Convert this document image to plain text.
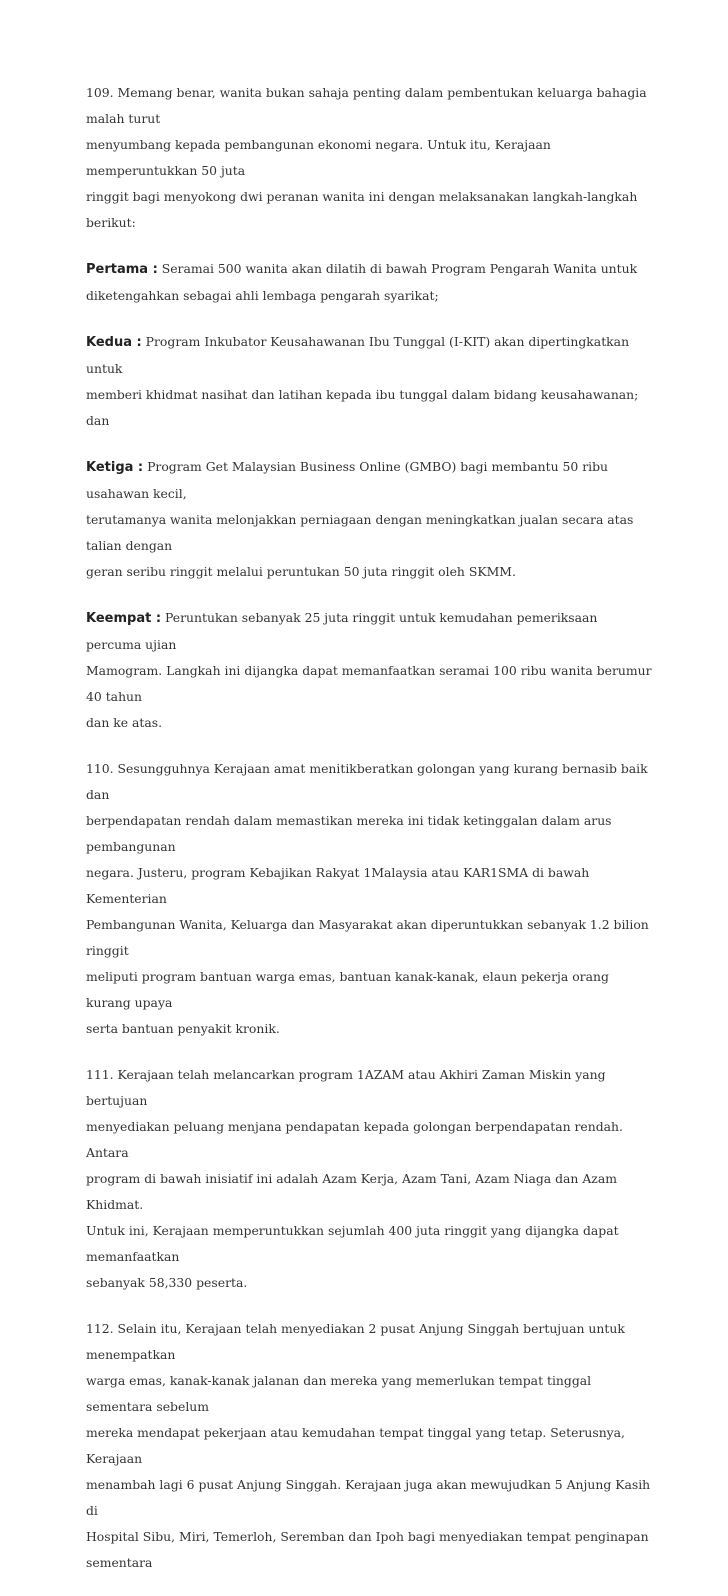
109. Memang benar, wanita bukan sahaja penting dalam pembentukan keluarga bahagia malah turut
menyumbang kepada pembangunan ekonomi negara. Untuk itu, Kerajaan memperuntukkan 50 juta
ringgit bagi menyokong dwi peranan wanita ini dengan melaksanakan langkah-langkah berikut:

Pertama : Seramai 500 wanita akan dilatih di bawah Program Pengarah Wanita untuk
diketengahkan sebagai ahli lembaga pengarah syarikat;

Kedua : Program Inkubator Keusahawanan Ibu Tunggal (I-KIT) akan dipertingkatkan untuk
memberi khidmat nasihat dan latihan kepada ibu tunggal dalam bidang keusahawanan; dan

Ketiga : Program Get Malaysian Business Online (GMBO) bagi membantu 50 ribu usahawan kecil,
terutamanya wanita melonjakkan perniagaan dengan meningkatkan jualan secara atas talian dengan
geran seribu ringgit melalui peruntukan 50 juta ringgit oleh SKMM.

Keempat : Peruntukan sebanyak 25 juta ringgit untuk kemudahan pemeriksaan percuma ujian
Mamogram. Langkah ini dijangka dapat memanfaatkan seramai 100 ribu wanita berumur 40 tahun
dan ke atas.

110. Sesungguhnya Kerajaan amat menitikberatkan golongan yang kurang bernasib baik dan
berpendapatan rendah dalam memastikan mereka ini tidak ketinggalan dalam arus pembangunan
negara. Justeru, program Kebajikan Rakyat 1Malaysia atau KAR1SMA di bawah Kementerian
Pembangunan Wanita, Keluarga dan Masyarakat akan diperuntukkan sebanyak 1.2 bilion ringgit
meliputi program bantuan warga emas, bantuan kanak-kanak, elaun pekerja orang kurang upaya
serta bantuan penyakit kronik.

111. Kerajaan telah melancarkan program 1AZAM atau Akhiri Zaman Miskin yang bertujuan
menyediakan peluang menjana pendapatan kepada golongan berpendapatan rendah. Antara
program di bawah inisiatif ini adalah Azam Kerja, Azam Tani, Azam Niaga dan Azam Khidmat.
Untuk ini, Kerajaan memperuntukkan sejumlah 400 juta ringgit yang dijangka dapat memanfaatkan
sebanyak 58,330 peserta.

112. Selain itu, Kerajaan telah menyediakan 2 pusat Anjung Singgah bertujuan untuk menempatkan
warga emas, kanak-kanak jalanan dan mereka yang memerlukan tempat tinggal sementara sebelum
mereka mendapat pekerjaan atau kemudahan tempat tinggal yang tetap. Seterusnya, Kerajaan
menambah lagi 6 pusat Anjung Singgah. Kerajaan juga akan mewujudkan 5 Anjung Kasih di
Hospital Sibu, Miri, Temerloh, Seremban dan Ipoh bagi menyediakan tempat penginapan sementara
